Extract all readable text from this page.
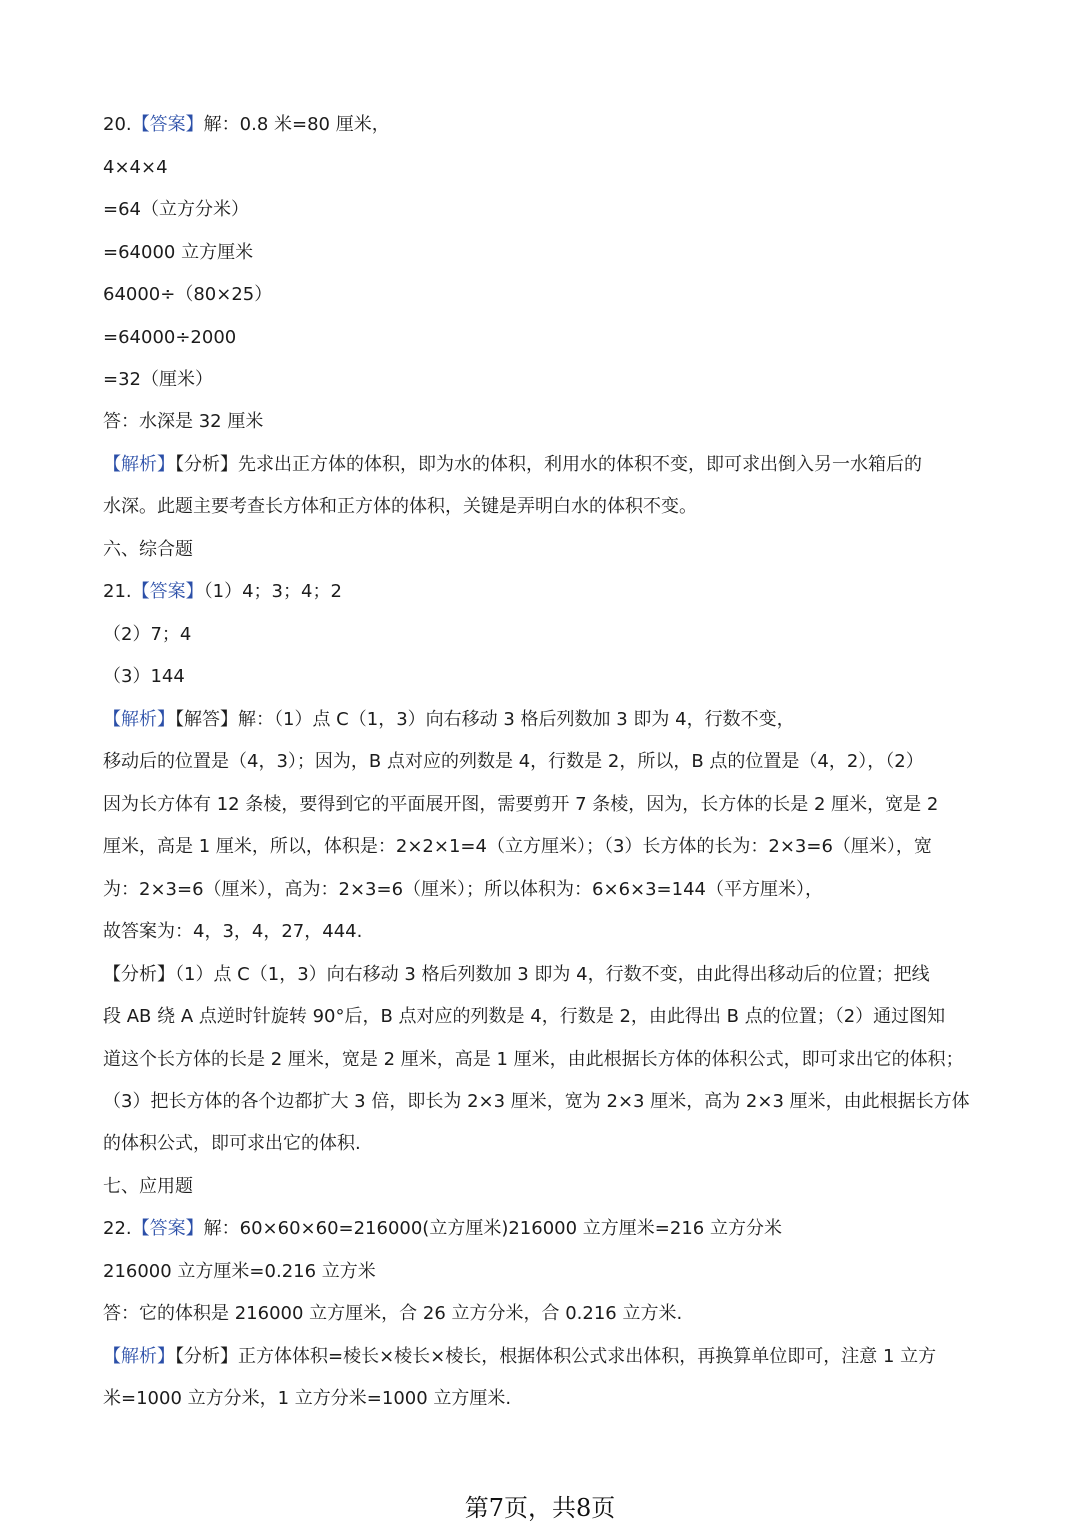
20.【答案】解：0.8 米=80 厘米，
4×4×4
=64（立方分米）
=64000 立方厘米
64000÷（80×25）
=64000÷2000
=32（厘米）
答：水深是 32 厘米
【解析】【分析】先求出正方体的体积，即为水的体积，利用水的体积不变，即可求出倒入另一水箱后的
水深。此题主要考查长方体和正方体的体积，关键是弄明白水的体积不变。
六、综合题
21.【答案】（1）4；3；4；2
（2）7；4
（3）144
【解析】【解答】解：（1）点 C（1，3）向右移动 3 格后列数加 3 即为 4，行数不变，
移动后的位置是（4，3）；因为，B 点对应的列数是 4，行数是 2，所以，B 点的位置是（4，2），（2）
因为长方体有 12 条棱，要得到它的平面展开图，需要剪开 7 条棱，因为，长方体的长是 2 厘米，宽是 2
厘米，高是 1 厘米，所以，体积是：2×2×1=4（立方厘米）；（3）长方体的长为：2×3=6（厘米），宽
为：2×3=6（厘米），高为：2×3=6（厘米）；所以体积为：6×6×3=144（平方厘米），
故答案为：4，3，4，27，444.
【分析】（1）点 C（1，3）向右移动 3 格后列数加 3 即为 4，行数不变，由此得出移动后的位置；把线
段 AB 绕 A 点逆时针旋转 90°后，B 点对应的列数是 4，行数是 2，由此得出 B 点的位置；（2）通过图知
道这个长方体的长是 2 厘米，宽是 2 厘米，高是 1 厘米，由此根据长方体的体积公式，即可求出它的体积；
（3）把长方体的各个边都扩大 3 倍，即长为 2×3 厘米，宽为 2×3 厘米，高为 2×3 厘米，由此根据长方体
的体积公式，即可求出它的体积.
七、应用题
22.【答案】解：60×60×60=216000(立方厘米)216000 立方厘米=216 立方分米
216000 立方厘米=0.216 立方米
答：它的体积是 216000 立方厘米，合 26 立方分米，合 0.216 立方米.
【解析】【分析】正方体体积=棱长×棱长×棱长，根据体积公式求出体积，再换算单位即可，注意 1 立方
米=1000 立方分米，1 立方分米=1000 立方厘米.
第7页，共8页
